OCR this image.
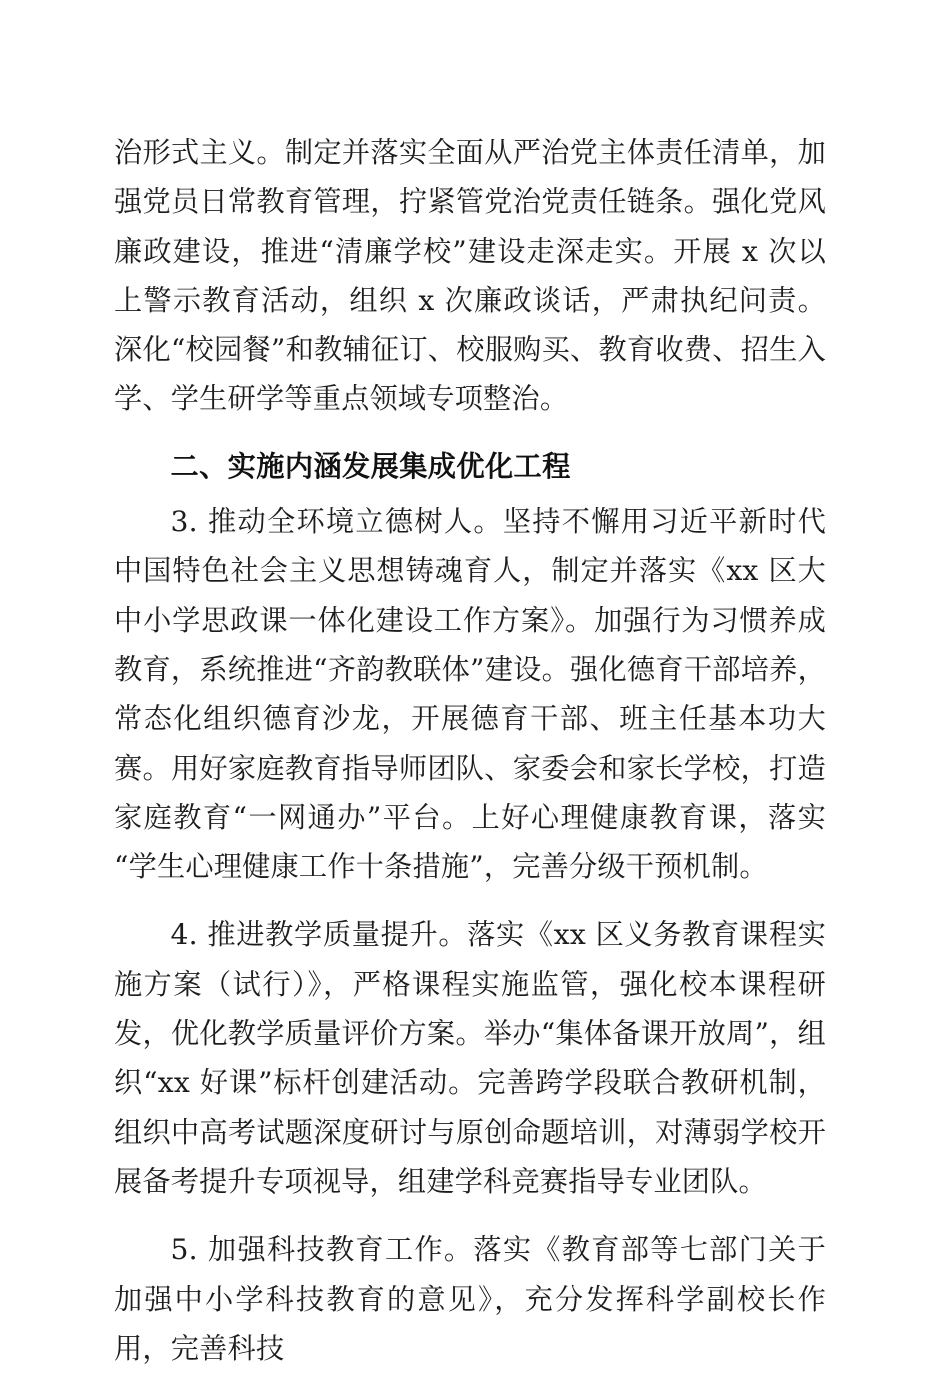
治形式主义。制定并落实全面从严治党主体责任清单，加强党员日常教育管理，拧紧管党治党责任链条。强化党风廉政建设，推进“清廉学校”建设走深走实。开展 x 次以上警示教育活动，组织 x 次廉政谈话，严肃执纪问责。深化“校园餐”和教辅征订、校服购买、教育收费、招生入学、学生研学等重点领域专项整治。

二、实施内涵发展集成优化工程

3. 推动全环境立德树人。坚持不懈用习近平新时代中国特色社会主义思想铸魂育人，制定并落实《xx 区大中小学思政课一体化建设工作方案》。加强行为习惯养成教育，系统推进“齐韵教联体”建设。强化德育干部培养，常态化组织德育沙龙，开展德育干部、班主任基本功大赛。用好家庭教育指导师团队、家委会和家长学校，打造家庭教育“一网通办”平台。上好心理健康教育课，落实“学生心理健康工作十条措施”，完善分级干预机制。

4. 推进教学质量提升。落实《xx 区义务教育课程实施方案（试行）》，严格课程实施监管，强化校本课程研发，优化教学质量评价方案。举办“集体备课开放周”，组织“xx 好课”标杆创建活动。完善跨学段联合教研机制，组织中高考试题深度研讨与原创命题培训，对薄弱学校开展备考提升专项视导，组建学科竞赛指导专业团队。

5. 加强科技教育工作。落实《教育部等七部门关于加强中小学科技教育的意见》，充分发挥科学副校长作用，完善科技
